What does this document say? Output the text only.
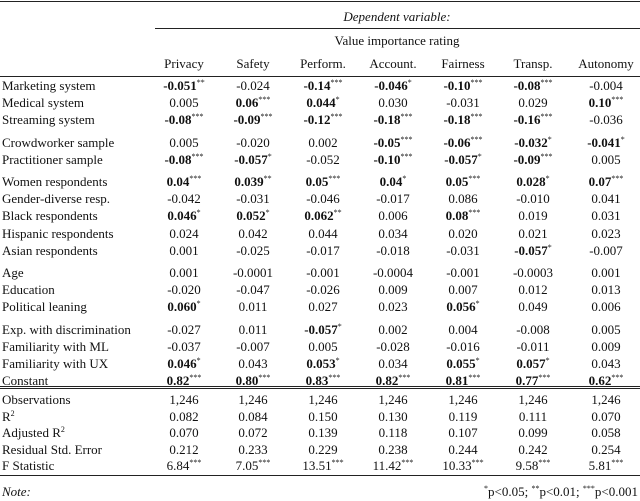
Dependent variable:
Value importance rating
Privacy	Safety Perform. Account. Fairness Transp. Autonomy
Marketing system	-0.051** -0.024	-0.14*** -0.046* -0.10*** -0.08***	-0.004
Medical system	0.005	0.06***	0.044*	0.030	-0.031	0.029	0.10***
Streaming system	-0.08*** -0.09*** -0.12*** -0.18*** -0.18*** -0.16***	-0.036
Crowdworker sample	0.005	-0.020	0.002	-0.05*** -0.06*** -0.032*	-0.041*
Practitioner sample	-0.08*** -0.057*	-0.052	-0.10*** -0.057* -0.09***	0.005
Women respondents	0.04***	0.039**	0.05***	0.04*	0.05***	0.028*	0.07***
Gender-diverse resp.	-0.042	-0.031	-0.046	-0.017	0.086	-0.010	0.041
Black respondents	0.046*	0.052*	0.062**	0.006	0.08***	0.019	0.031
Hispanic respondents	0.024	0.042	0.044	0.034	0.020	0.021	0.023
Asian respondents	0.001	-0.025	-0.017	-0.018	-0.031	-0.057*	-0.007
Age	0.001	-0.0001	-0.001	-0.0004	-0.001	-0.0003	0.001
Education	-0.020	-0.047	-0.026	0.009	0.007	0.012	0.013
Political leaning	0.060*	0.011	0.027	0.023	0.056*	0.049	0.006
Exp. with discrimination	-0.027	0.011	-0.057*	0.002	0.004	-0.008	0.005
Familiarity with ML	-0.037	-0.007	0.005	-0.028	-0.016	-0.011	0.009
Familiarity with UX	0.046*	0.043	0.053*	0.034	0.055*	0.057*	0.043
Constant	0.82***	0.80***	0.83***	0.82***	0.81***	0.77***	0.62***
Observations	1,246	1,246	1,246	1,246	1,246	1,246	1,246
$R^2$	0.082	0.084	0.150	0.130	0.119	0.111	0.070
Adjusted $R^2$	0.070	0.072	0.139	0.118	0.107	0.099	0.058
Residual Std. Error	0.212	0.233	0.229	0.238	0.244	0.242	0.254
F Statistic	6.84***	7.05*** 13.51*** 11.42*** 10.33*** 9.58***	5.81***
Note:	*p<0.05; **p<0.01; ***p<0.001
